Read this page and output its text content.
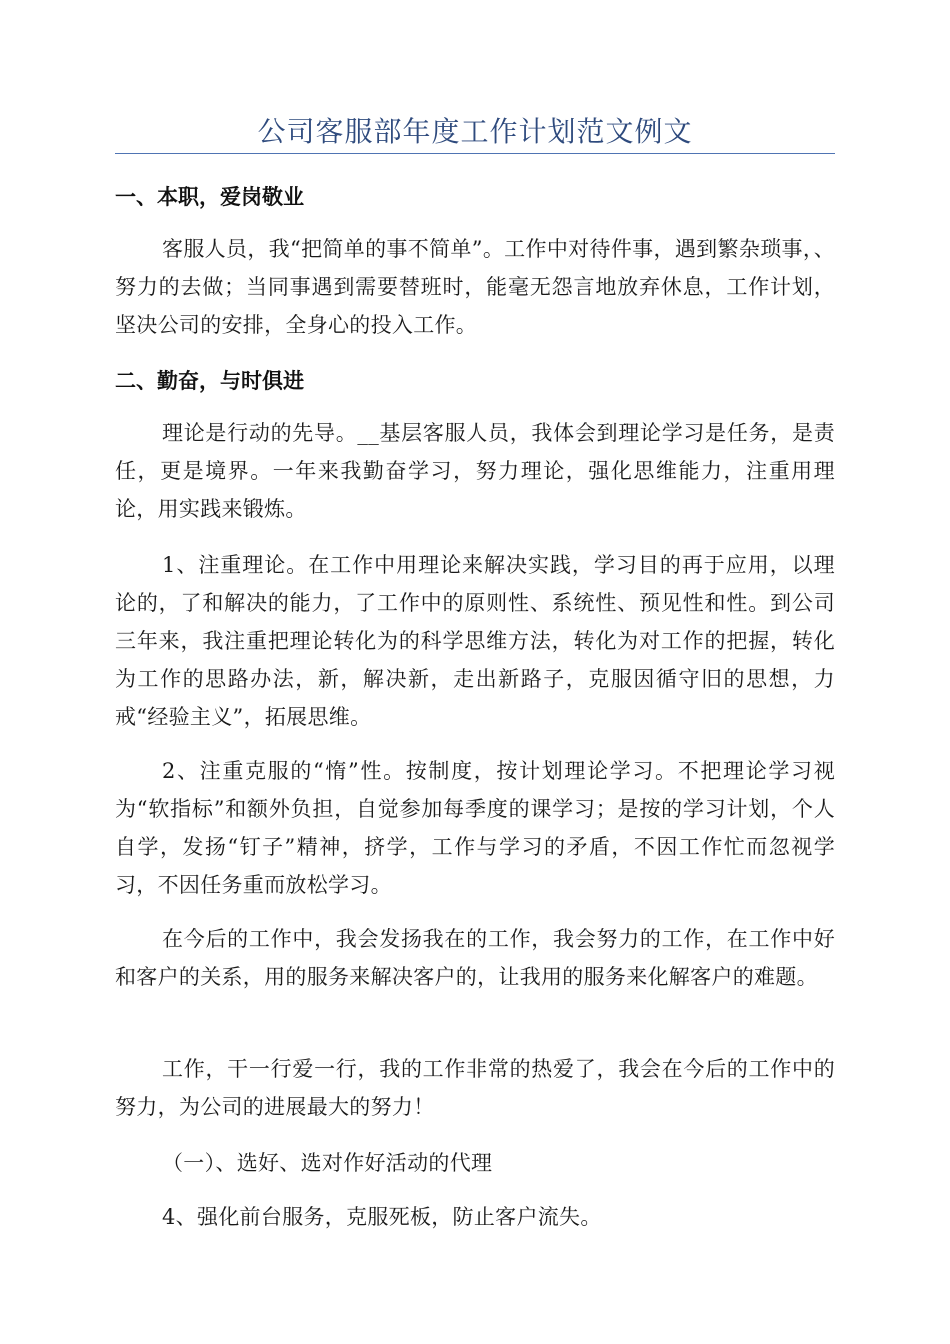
公司客服部年度工作计划范文例文
一、本职，爱岗敬业
客服人员，我“把简单的事不简单”。工作中对待件事，遇到繁杂琐事，、努力的去做；当同事遇到需要替班时，能毫无怨言地放弃休息，工作计划，坚决公司的安排，全身心的投入工作。
二、勤奋，与时俱进
理论是行动的先导。__基层客服人员，我体会到理论学习是任务，是责任，更是境界。一年来我勤奋学习，努力理论，强化思维能力，注重用理论，用实践来锻炼。
1、注重理论。在工作中用理论来解决实践，学习目的再于应用，以理论的，了和解决的能力，了工作中的原则性、系统性、预见性和性。到公司三年来，我注重把理论转化为的科学思维方法，转化为对工作的把握，转化为工作的思路办法，新，解决新，走出新路子，克服因循守旧的思想，力戒“经验主义”，拓展思维。
2、注重克服的“惰”性。按制度，按计划理论学习。不把理论学习视为“软指标”和额外负担，自觉参加每季度的课学习；是按的学习计划，个人自学，发扬“钉子”精神，挤学，工作与学习的矛盾，不因工作忙而忽视学习，不因任务重而放松学习。
在今后的工作中，我会发扬我在的工作，我会努力的工作，在工作中好和客户的关系，用的服务来解决客户的，让我用的服务来化解客户的难题。
工作，干一行爱一行，我的工作非常的热爱了，我会在今后的工作中的努力，为公司的进展最大的努力！
（一）、选好、选对作好活动的代理
4、强化前台服务，克服死板，防止客户流失。
